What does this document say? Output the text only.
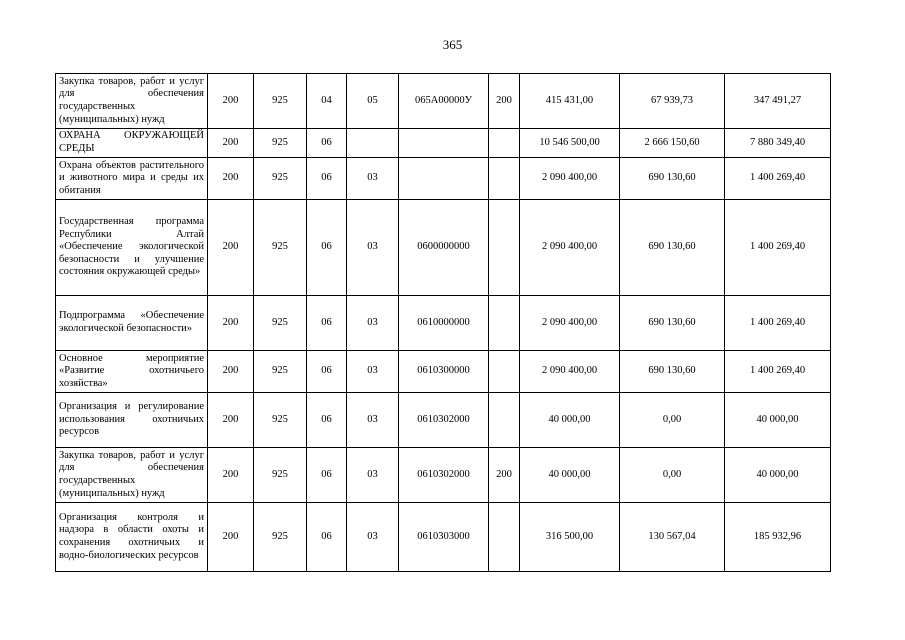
365
Закупка товаров, работ и услуг для обеспечения государственных (муниципальных) нужд	200	925	04	05	065А00000У	200	415 431,00	67 939,73	347 491,27
ОХРАНА ОКРУЖАЮЩЕЙ СРЕДЫ	200	925	06				10 546 500,00	2 666 150,60	7 880 349,40
Охрана объектов растительного и животного мира и среды их обитания	200	925	06	03			2 090 400,00	690 130,60	1 400 269,40
Государственная программа Республики Алтай «Обеспечение экологической безопасности и улучшение состояния окружающей среды»	200	925	06	03	0600000000		2 090 400,00	690 130,60	1 400 269,40
Подпрограмма «Обеспечение экологической безопасности»	200	925	06	03	0610000000		2 090 400,00	690 130,60	1 400 269,40
Основное мероприятие «Развитие охотничьего хозяйства»	200	925	06	03	0610300000		2 090 400,00	690 130,60	1 400 269,40
Организация и регулирование использования охотничьих ресурсов	200	925	06	03	0610302000		40 000,00	0,00	40 000,00
Закупка товаров, работ и услуг для обеспечения государственных (муниципальных) нужд	200	925	06	03	0610302000	200	40 000,00	0,00	40 000,00
Организация контроля и надзора в области охоты и сохранения охотничьих и водно-биологических ресурсов	200	925	06	03	0610303000		316 500,00	130 567,04	185 932,96
